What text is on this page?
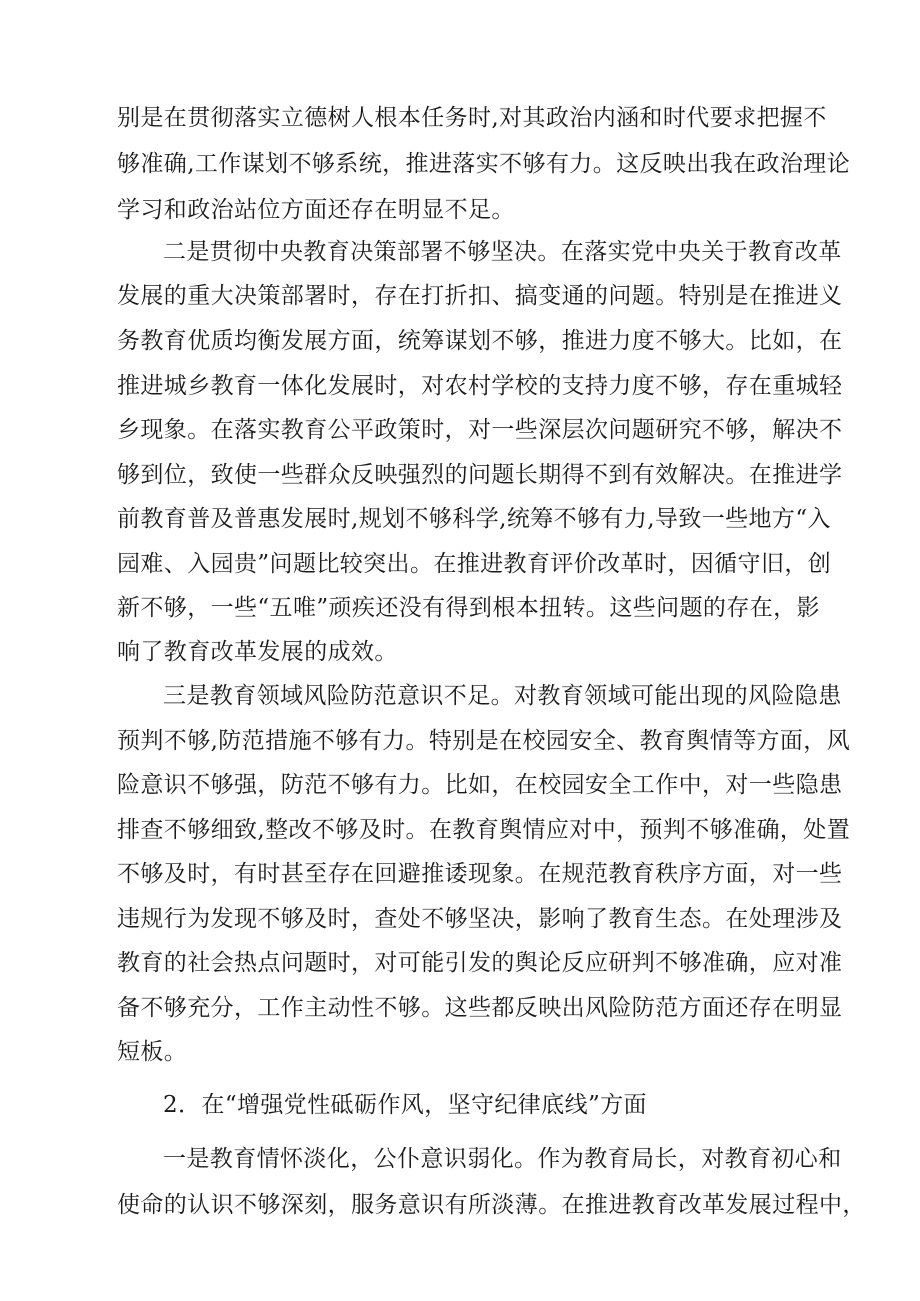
别是在贯彻落实立德树人根本任务时,对其政治内涵和时代要求把握不
够准确,工作谋划不够系统，推进落实不够有力。这反映出我在政治理论
学习和政治站位方面还存在明显不足。
二是贯彻中央教育决策部署不够坚决。在落实党中央关于教育改革
发展的重大决策部署时，存在打折扣、搞变通的问题。特别是在推进义
务教育优质均衡发展方面，统筹谋划不够，推进力度不够大。比如，在
推进城乡教育一体化发展时，对农村学校的支持力度不够，存在重城轻
乡现象。在落实教育公平政策时，对一些深层次问题研究不够，解决不
够到位，致使一些群众反映强烈的问题长期得不到有效解决。在推进学
前教育普及普惠发展时,规划不够科学,统筹不够有力,导致一些地方“入
园难、入园贵”问题比较突出。在推进教育评价改革时，因循守旧，创
新不够，一些“五唯”顽疾还没有得到根本扭转。这些问题的存在，影
响了教育改革发展的成效。
三是教育领域风险防范意识不足。对教育领域可能出现的风险隐患
预判不够,防范措施不够有力。特别是在校园安全、教育舆情等方面，风
险意识不够强，防范不够有力。比如，在校园安全工作中，对一些隐患
排查不够细致,整改不够及时。在教育舆情应对中，预判不够准确，处置
不够及时，有时甚至存在回避推诿现象。在规范教育秩序方面，对一些
违规行为发现不够及时，查处不够坚决，影响了教育生态。在处理涉及
教育的社会热点问题时，对可能引发的舆论反应研判不够准确，应对准
备不够充分，工作主动性不够。这些都反映出风险防范方面还存在明显
短板。
2．在“增强党性砥砺作风，坚守纪律底线”方面
一是教育情怀淡化，公仆意识弱化。作为教育局长，对教育初心和
使命的认识不够深刻，服务意识有所淡薄。在推进教育改革发展过程中，
